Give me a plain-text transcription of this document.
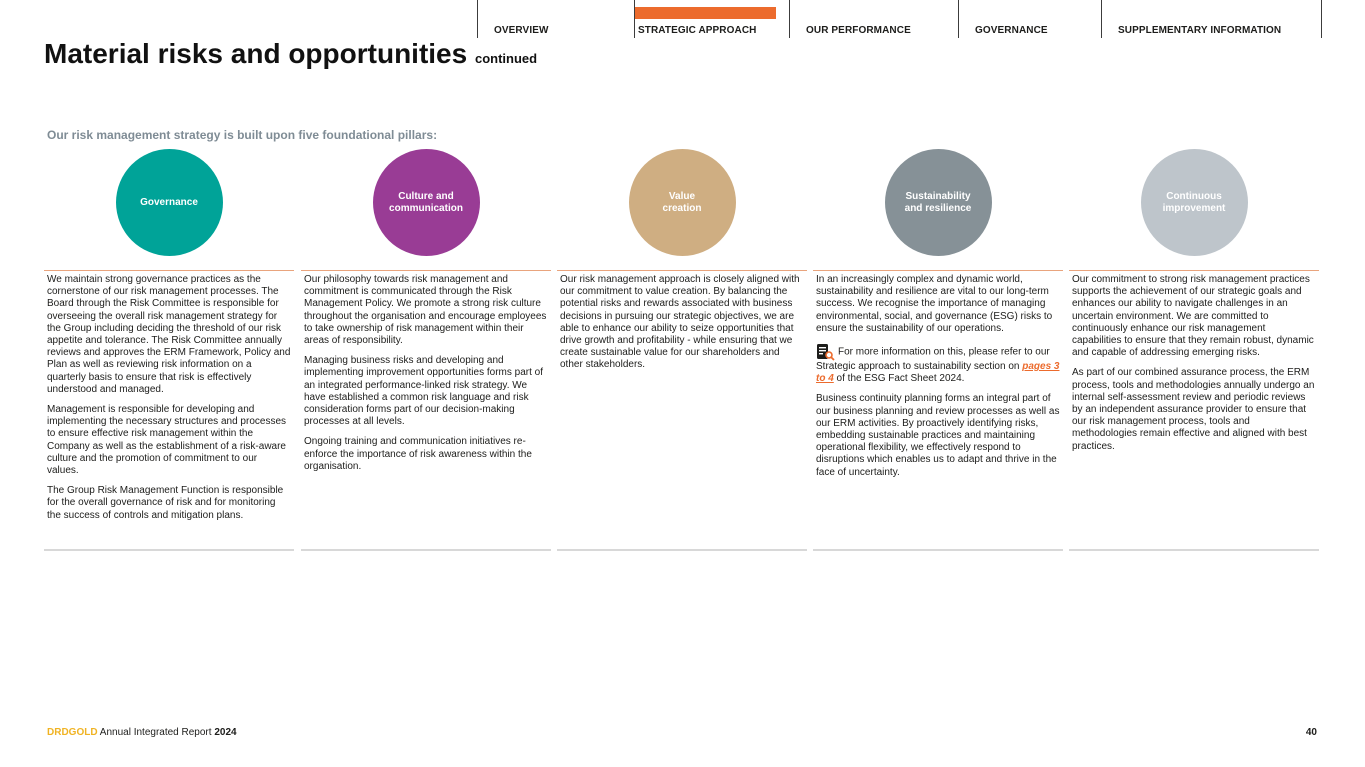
OVERVIEW	STRATEGIC APPROACH	OUR PERFORMANCE	GOVERNANCE	SUPPLEMENTARY INFORMATION
Material risks and opportunities continued
Our risk management strategy is built upon five foundational pillars:
Governance

We maintain strong governance practices as the cornerstone of our risk management processes. The Board through the Risk Committee is responsible for overseeing the overall risk management strategy for the Group including deciding the threshold of our risk appetite and tolerance. The Risk Committee annually reviews and approves the ERM Framework, Policy and Plan as well as reviewing risk information on a quarterly basis to ensure that risk is effectively understood and managed.

Management is responsible for developing and implementing the necessary structures and processes to ensure effective risk management within the Company as well as the establishment of a risk-aware culture and the promotion of commitment to our values.

The Group Risk Management Function is responsible for the overall governance of risk and for monitoring the success of controls and mitigation plans.

Culture and
communication

Our philosophy towards risk management and commitment is communicated through the Risk Management Policy. We promote a strong risk culture throughout the organisation and encourage employees to take ownership of risk management within their areas of responsibility.

Managing business risks and developing and implementing improvement opportunities forms part of an integrated performance-linked risk strategy. We have established a common risk language and risk consideration forms part of our decision-making processes at all levels.

Ongoing training and communication initiatives re-enforce the importance of risk awareness within the organisation.

Value
creation

Our risk management approach is closely aligned with our commitment to value creation. By balancing the potential risks and rewards associated with business decisions in pursuing our strategic objectives, we are able to enhance our ability to seize opportunities that drive growth and profitability - while ensuring that we create sustainable value for our shareholders and other stakeholders.

Sustainability
and resilience

In an increasingly complex and dynamic world, sustainability and resilience are vital to our long-term success. We recognise the importance of managing environmental, social, and governance (ESG) risks to ensure the sustainability of our operations.

For more information on this, please refer to our Strategic approach to sustainability section on pages 3 to 4 of the ESG Fact Sheet 2024.

Business continuity planning forms an integral part of our business planning and review processes as well as our ERM activities. By proactively identifying risks, embedding sustainable practices and maintaining operational flexibility, we effectively respond to disruptions which enables us to adapt and thrive in the face of uncertainty.

Continuous
improvement

Our commitment to strong risk management practices supports the achievement of our strategic goals and enhances our ability to navigate challenges in an uncertain environment. We are committed to continuously enhance our risk management capabilities to ensure that they remain robust, dynamic and capable of addressing emerging risks.

As part of our combined assurance process, the ERM process, tools and methodologies annually undergo an internal self-assessment review and periodic reviews by an independent assurance provider to ensure that our risk management process, tools and methodologies remain effective and aligned with best practices.

DRDGOLD Annual Integrated Report 2024	40
